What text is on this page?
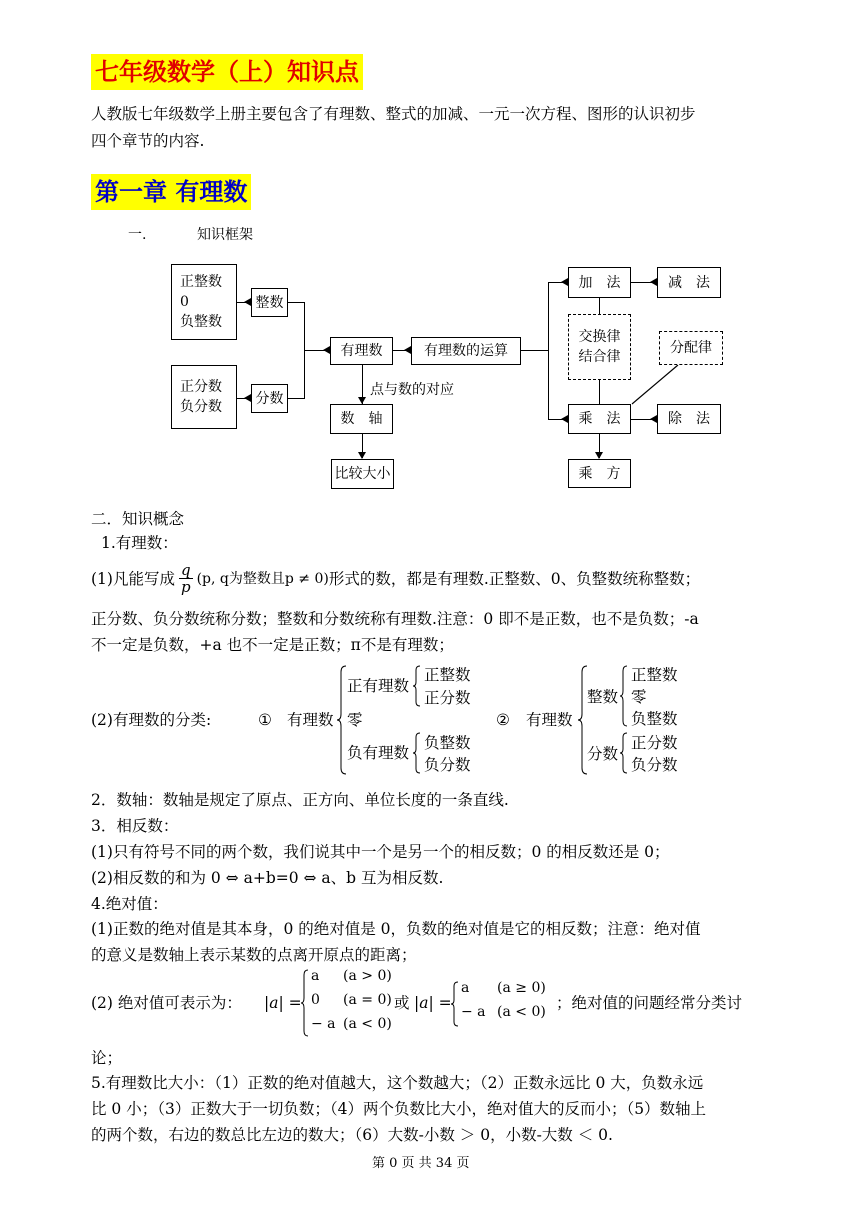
七年级数学（上）知识点
人教版七年级数学上册主要包含了有理数、整式的加减、一元一次方程、图形的认识初步
四个章节的内容.
第一章 有理数
一.	知识框架
正整数
0
负整数
正分数
负分数
整数
分数
有理数	有理数的运算
点与数的对应
数　轴
比较大小
加　法	减　法
交换律
结合律
分配律
乘　法	除　法
乘　方
二．知识概念
1.有理数：
(1)凡能写成 $\frac{q}{p} (p$, q为整数且p ≠ 0) 形式的数，都是有理数.正整数、0、负整数统称整数；
正分数、负分数统称分数；整数和分数统称有理数.注意：0 即不是正数，也不是负数；-a
不一定是负数，+a 也不一定是正数；π不是有理数；
(2)有理数的分类:	① 有理数
正有理数
正整数
正分数
零
负有理数
负整数
负分数
② 有理数
整数
正整数
零
负整数
分数
正分数
负分数
2．数轴：数轴是规定了原点、正方向、单位长度的一条直线.
3．相反数：
(1)只有符号不同的两个数，我们说其中一个是另一个的相反数；0 的相反数还是 0；
(2)相反数的和为 0 ⇔ a+b=0 ⇔ a、b 互为相反数.
4.绝对值：
(1)正数的绝对值是其本身，0 的绝对值是 0，负数的绝对值是它的相反数；注意：绝对值
的意义是数轴上表示某数的点离开原点的距离；
(2) 绝对值可表示为： |a| =
a (a > 0)
0 (a = 0)
− a (a < 0)
或 |a| =
a (a ≥ 0)
− a (a < 0) ；绝对值的问题经常分类讨
论；
5.有理数比大小：（1）正数的绝对值越大，这个数越大；（2）正数永远比 0 大，负数永远
比 0 小；（3）正数大于一切负数；（4）两个负数比大小，绝对值大的反而小；（5）数轴上
的两个数，右边的数总比左边的数大；（6）大数-小数 ＞ 0，小数-大数 ＜ 0.
第 0 页 共 34 页
